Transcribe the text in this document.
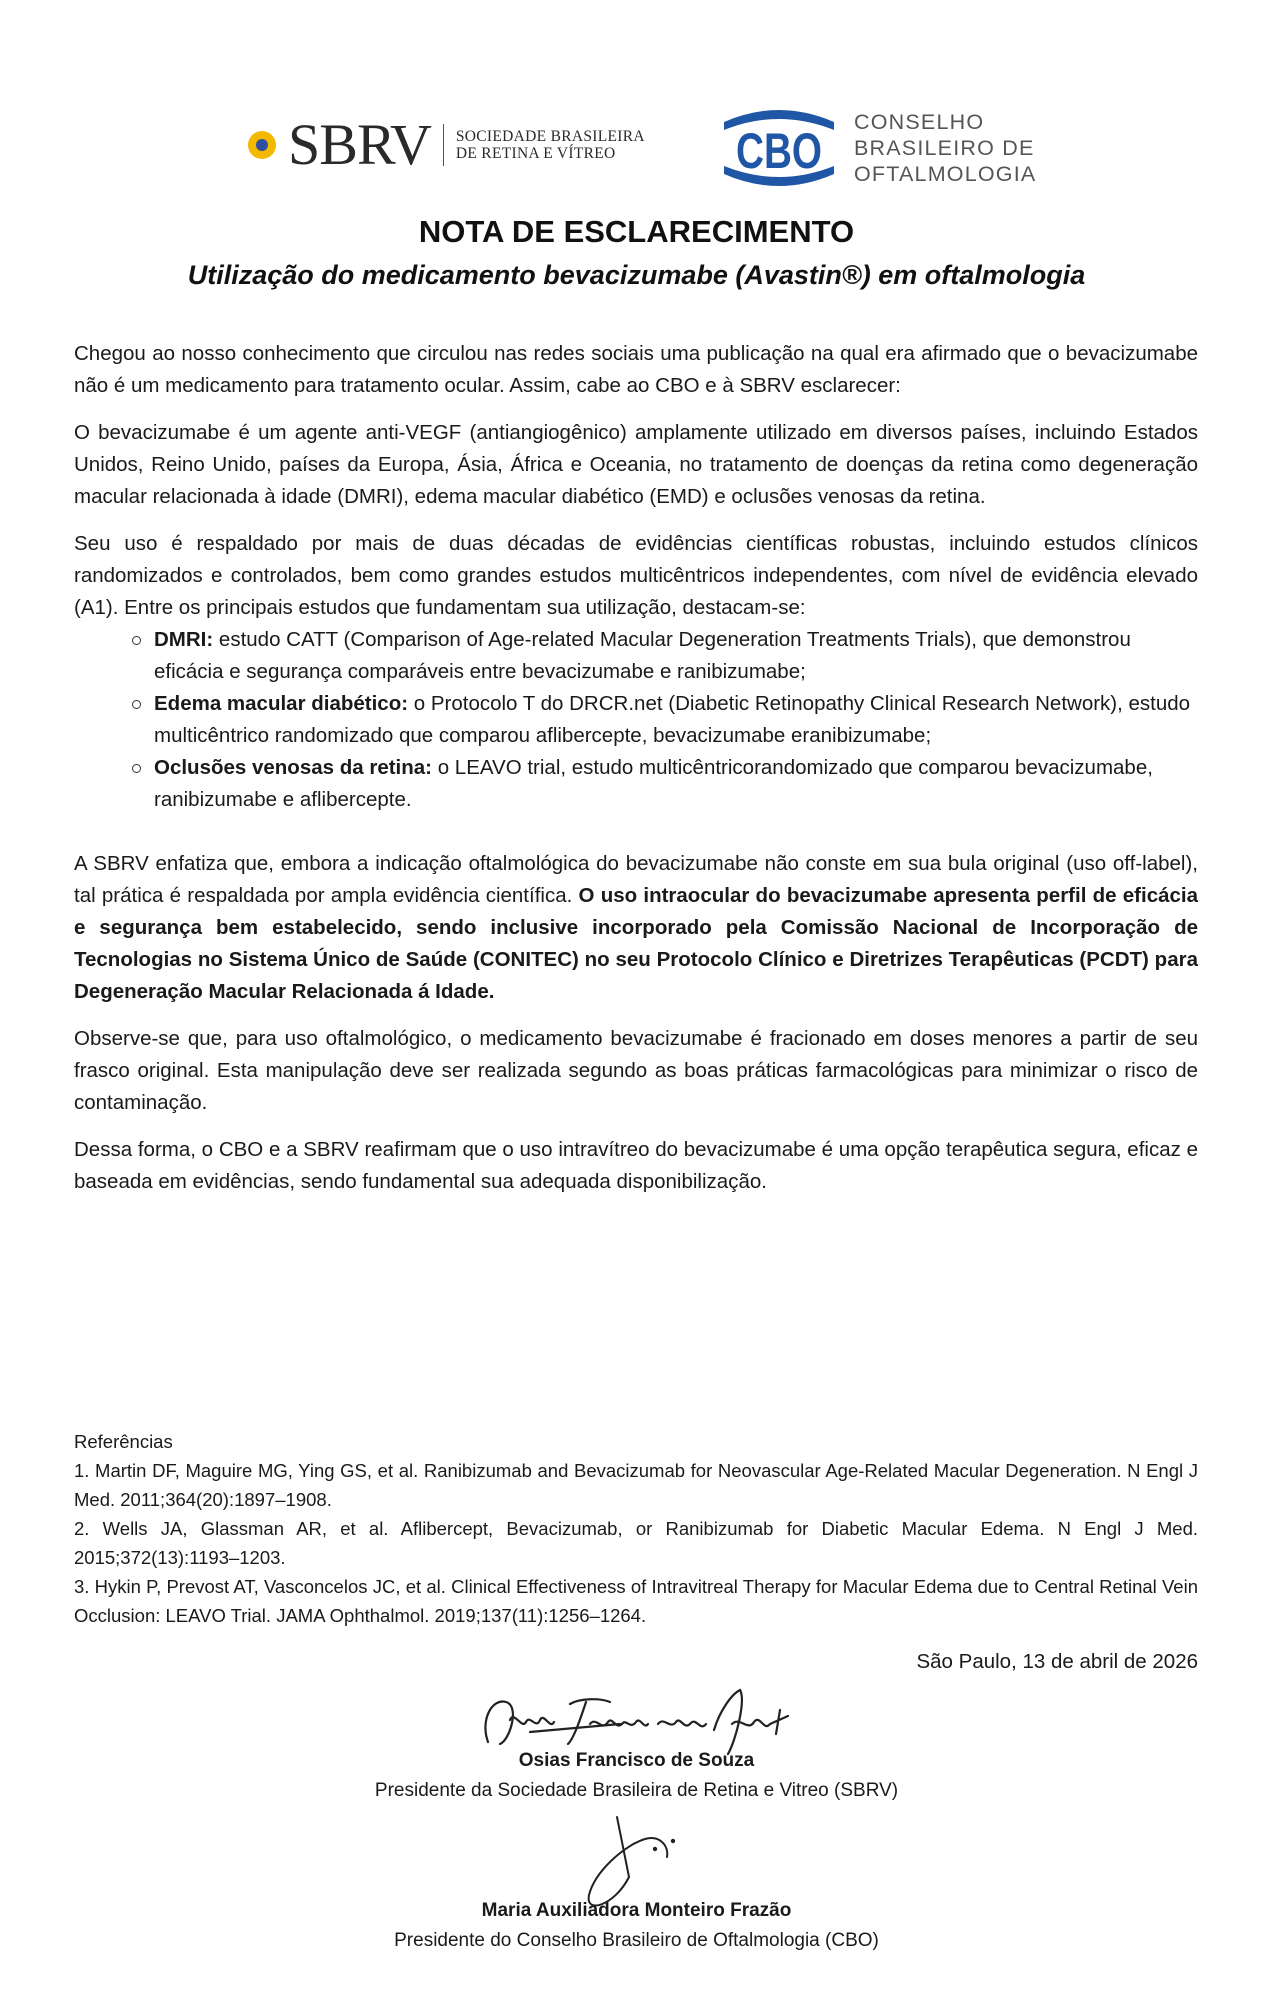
SBRV SOCIEDADE BRASILEIRA
DE RETINA E VÍTREO	CBO
CONSELHO
BRASILEIRO DE
OFTALMOLOGIA
NOTA DE ESCLARECIMENTO
Utilização do medicamento bevacizumabe (Avastin®) em oftalmologia

Chegou ao nosso conhecimento que circulou nas redes sociais uma publicação na qual era afirmado que o bevacizumabe não é um medicamento para tratamento ocular. Assim, cabe ao CBO e à SBRV esclarecer:

O bevacizumabe é um agente anti-VEGF (antiangiogênico) amplamente utilizado em diversos países, incluindo Estados Unidos, Reino Unido, países da Europa, Ásia, África e Oceania, no tratamento de doenças da retina como degeneração macular relacionada à idade (DMRI), edema macular diabético (EMD) e oclusões venosas da retina.

Seu uso é respaldado por mais de duas décadas de evidências científicas robustas, incluindo estudos clínicos randomizados e controlados, bem como grandes estudos multicêntricos independentes, com nível de evidência elevado (A1). Entre os principais estudos que fundamentam sua utilização, destacam-se:

DMRI: estudo CATT (Comparison of Age-related Macular Degeneration Treatments Trials), que demonstrou eficácia e segurança comparáveis entre bevacizumabe e ranibizumabe;
Edema macular diabético: o Protocolo T do DRCR.net (Diabetic Retinopathy Clinical Research Network), estudo multicêntrico randomizado que comparou aflibercepte, bevacizumabe eranibizumabe;
Oclusões venosas da retina: o LEAVO trial, estudo multicêntricorandomizado que comparou bevacizumabe, ranibizumabe e aflibercepte.

A SBRV enfatiza que, embora a indicação oftalmológica do bevacizumabe não conste em sua bula original (uso off-label), tal prática é respaldada por ampla evidência científica. O uso intraocular do bevacizumabe apresenta perfil de eficácia e segurança bem estabelecido, sendo inclusive incorporado pela Comissão Nacional de Incorporação de Tecnologias no Sistema Único de Saúde (CONITEC) no seu Protocolo Clínico e Diretrizes Terapêuticas (PCDT) para Degeneração Macular Relacionada á Idade.

Observe-se que, para uso oftalmológico, o medicamento bevacizumabe é fracionado em doses menores a partir de seu frasco original. Esta manipulação deve ser realizada segundo as boas práticas farmacológicas para minimizar o risco de contaminação.

Dessa forma, o CBO e a SBRV reafirmam que o uso intravítreo do bevacizumabe é uma opção terapêutica segura, eficaz e baseada em evidências, sendo fundamental sua adequada disponibilização.

Referências
1. Martin DF, Maguire MG, Ying GS, et al. Ranibizumab and Bevacizumab for Neovascular Age-Related Macular Degeneration. N Engl J Med. 2011;364(20):1897–1908.
2. Wells JA, Glassman AR, et al. Aflibercept, Bevacizumab, or Ranibizumab for Diabetic Macular Edema. N Engl J Med. 2015;372(13):1193–1203.
3. Hykin P, Prevost AT, Vasconcelos JC, et al. Clinical Effectiveness of Intravitreal Therapy for Macular Edema due to Central Retinal Vein Occlusion: LEAVO Trial. JAMA Ophthalmol. 2019;137(11):1256–1264.
São Paulo, 13 de abril de 2026
Osias Francisco de Souza
Presidente da Sociedade Brasileira de Retina e Vitreo (SBRV)
Maria Auxiliadora Monteiro Frazão
Presidente do Conselho Brasileiro de Oftalmologia (CBO)
